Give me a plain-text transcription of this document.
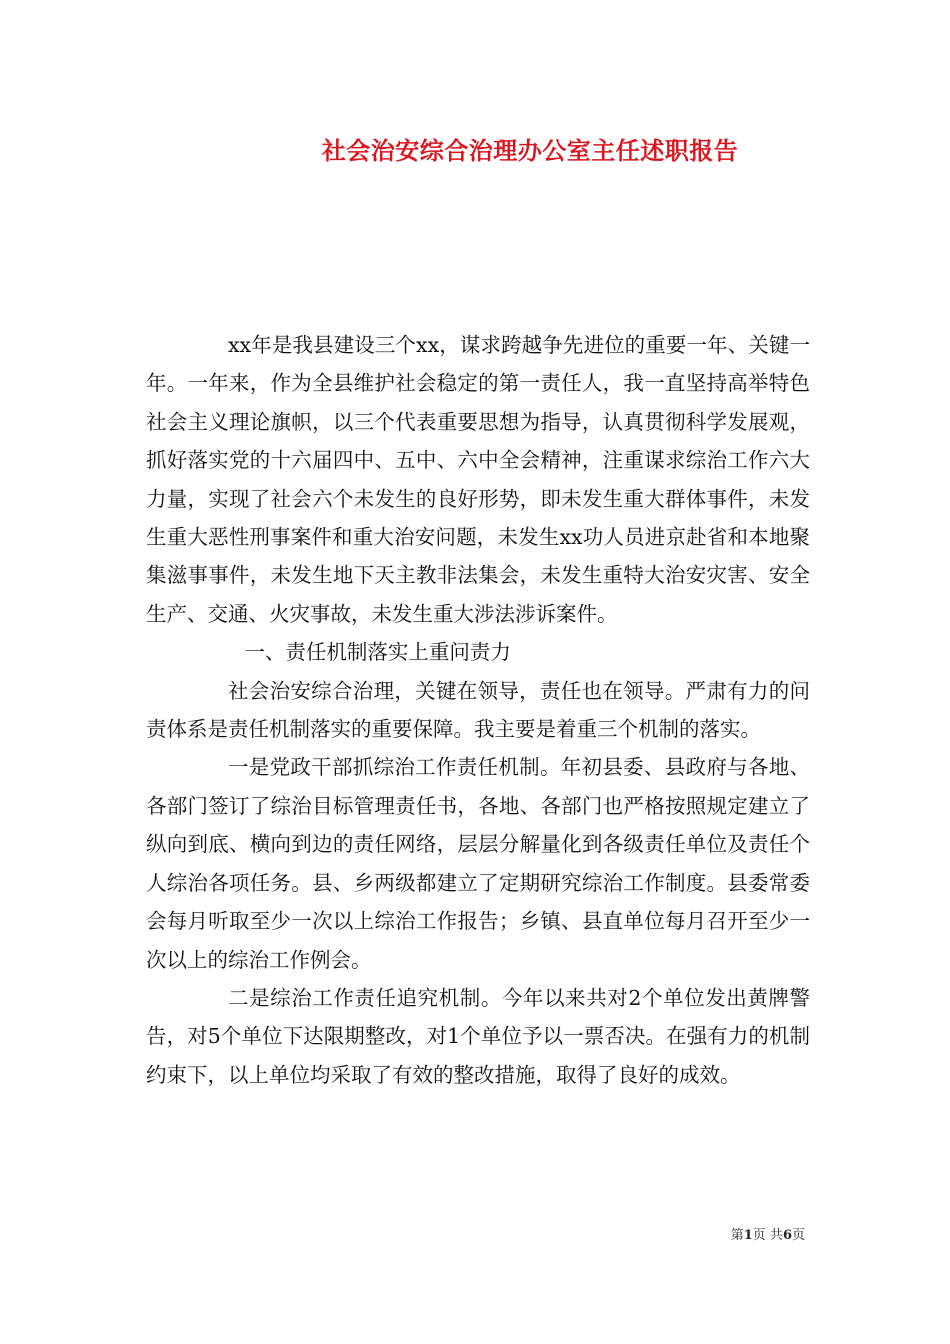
社会治安综合治理办公室主任述职报告

xx年是我县建设三个xx，谋求跨越争先进位的重要一年、关键一年。一年来，作为全县维护社会稳定的第一责任人，我一直坚持高举特色社会主义理论旗帜，以三个代表重要思想为指导，认真贯彻科学发展观，抓好落实党的十六届四中、五中、六中全会精神，注重谋求综治工作六大力量，实现了社会六个未发生的良好形势，即未发生重大群体事件，未发生重大恶性刑事案件和重大治安问题，未发生xx功人员进京赴省和本地聚集滋事事件，未发生地下天主教非法集会，未发生重特大治安灾害、安全生产、交通、火灾事故，未发生重大涉法涉诉案件。

一、责任机制落实上重问责力

社会治安综合治理，关键在领导，责任也在领导。严肃有力的问责体系是责任机制落实的重要保障。我主要是着重三个机制的落实。

一是党政干部抓综治工作责任机制。年初县委、县政府与各地、各部门签订了综治目标管理责任书，各地、各部门也严格按照规定建立了纵向到底、横向到边的责任网络，层层分解量化到各级责任单位及责任个人综治各项任务。县、乡两级都建立了定期研究综治工作制度。县委常委会每月听取至少一次以上综治工作报告；乡镇、县直单位每月召开至少一次以上的综治工作例会。

二是综治工作责任追究机制。今年以来共对2个单位发出黄牌警告，对5个单位下达限期整改，对1个单位予以一票否决。在强有力的机制约束下，以上单位均采取了有效的整改措施，取得了良好的成效。

第1页 共6页
